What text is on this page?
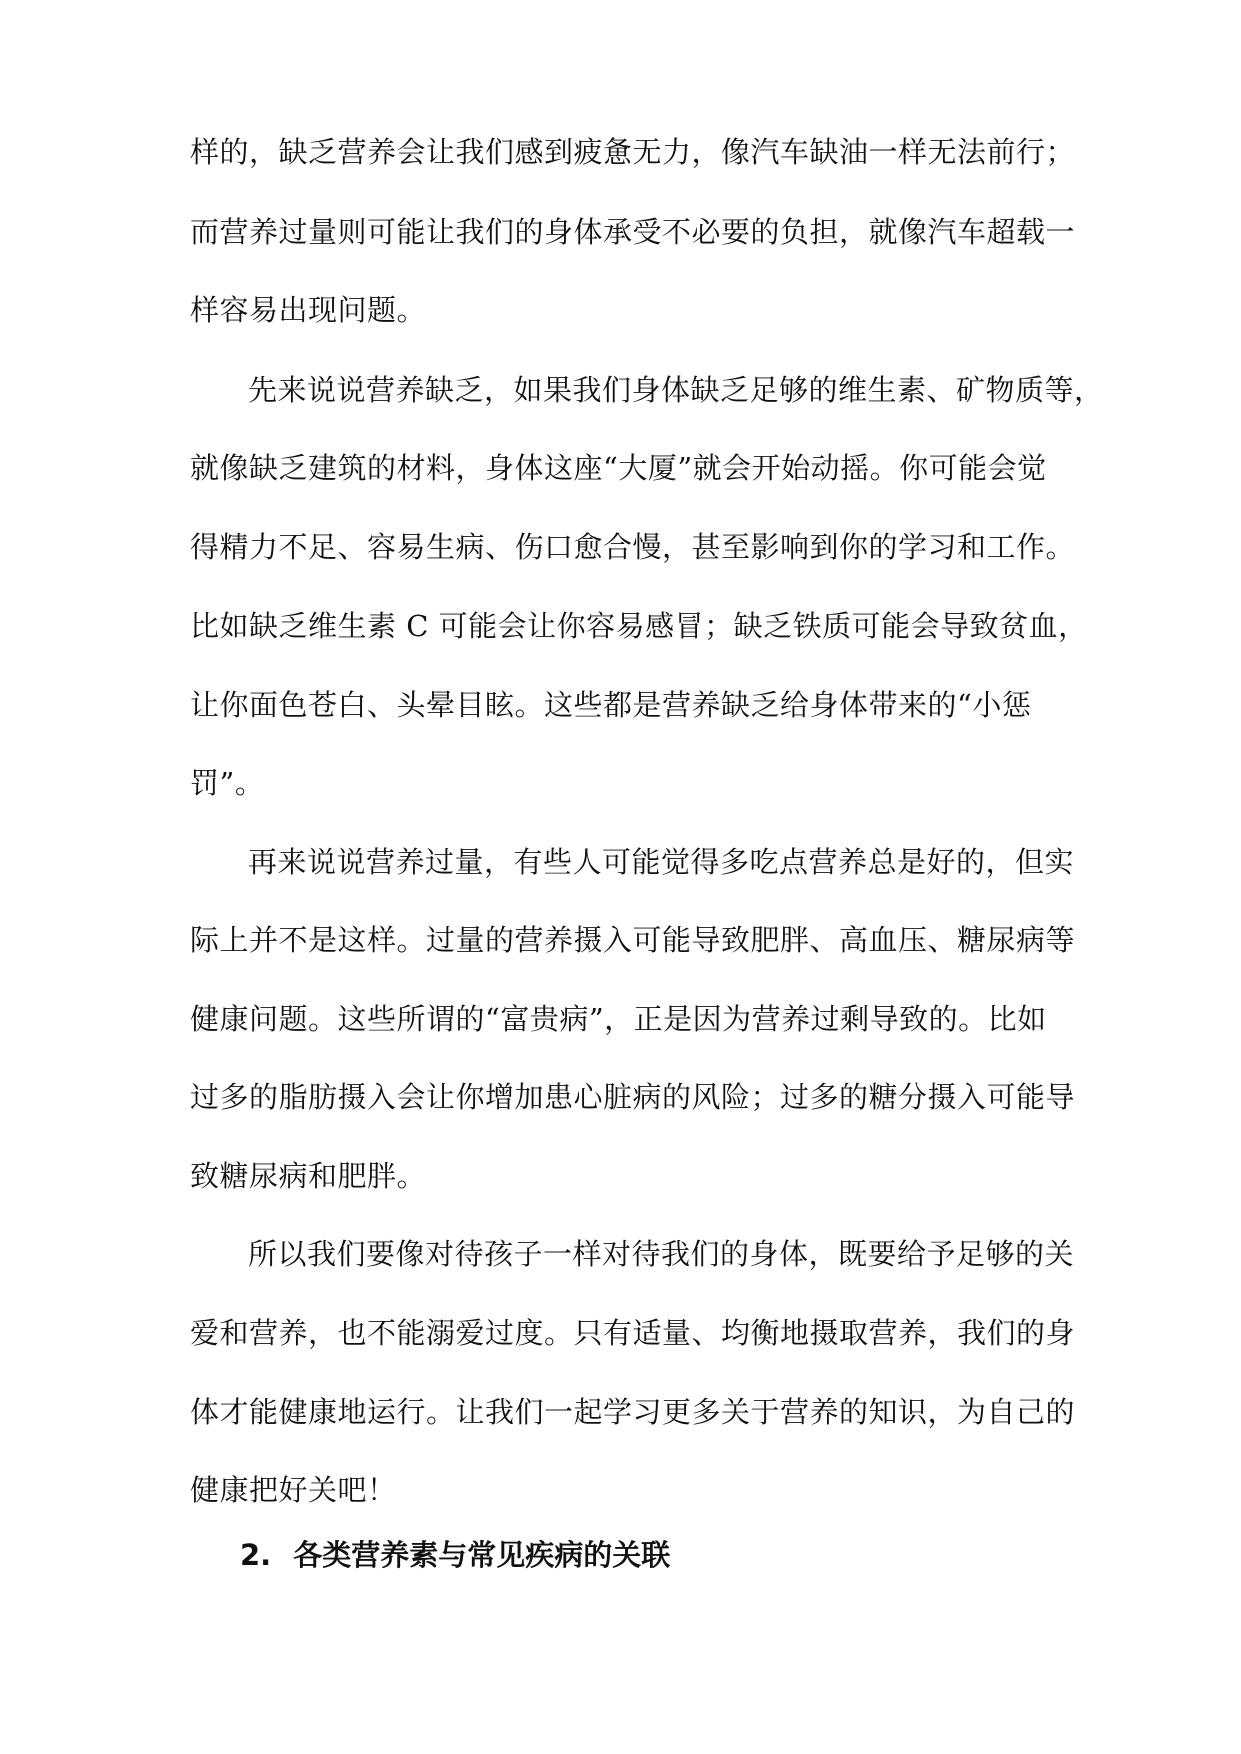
样的，缺乏营养会让我们感到疲惫无力，像汽车缺油一样无法前行；
而营养过量则可能让我们的身体承受不必要的负担，就像汽车超载一
样容易出现问题。
先来说说营养缺乏，如果我们身体缺乏足够的维生素、矿物质等，
就像缺乏建筑的材料，身体这座“大厦”就会开始动摇。你可能会觉
得精力不足、容易生病、伤口愈合慢，甚至影响到你的学习和工作。
比如缺乏维生素 C 可能会让你容易感冒；缺乏铁质可能会导致贫血，
让你面色苍白、头晕目眩。这些都是营养缺乏给身体带来的“小惩
罚”。
再来说说营养过量，有些人可能觉得多吃点营养总是好的，但实
际上并不是这样。过量的营养摄入可能导致肥胖、高血压、糖尿病等
健康问题。这些所谓的“富贵病”，正是因为营养过剩导致的。比如
过多的脂肪摄入会让你增加患心脏病的风险；过多的糖分摄入可能导
致糖尿病和肥胖。
所以我们要像对待孩子一样对待我们的身体，既要给予足够的关
爱和营养，也不能溺爱过度。只有适量、均衡地摄取营养，我们的身
体才能健康地运行。让我们一起学习更多关于营养的知识，为自己的
健康把好关吧！
2. 各类营养素与常见疾病的关联
